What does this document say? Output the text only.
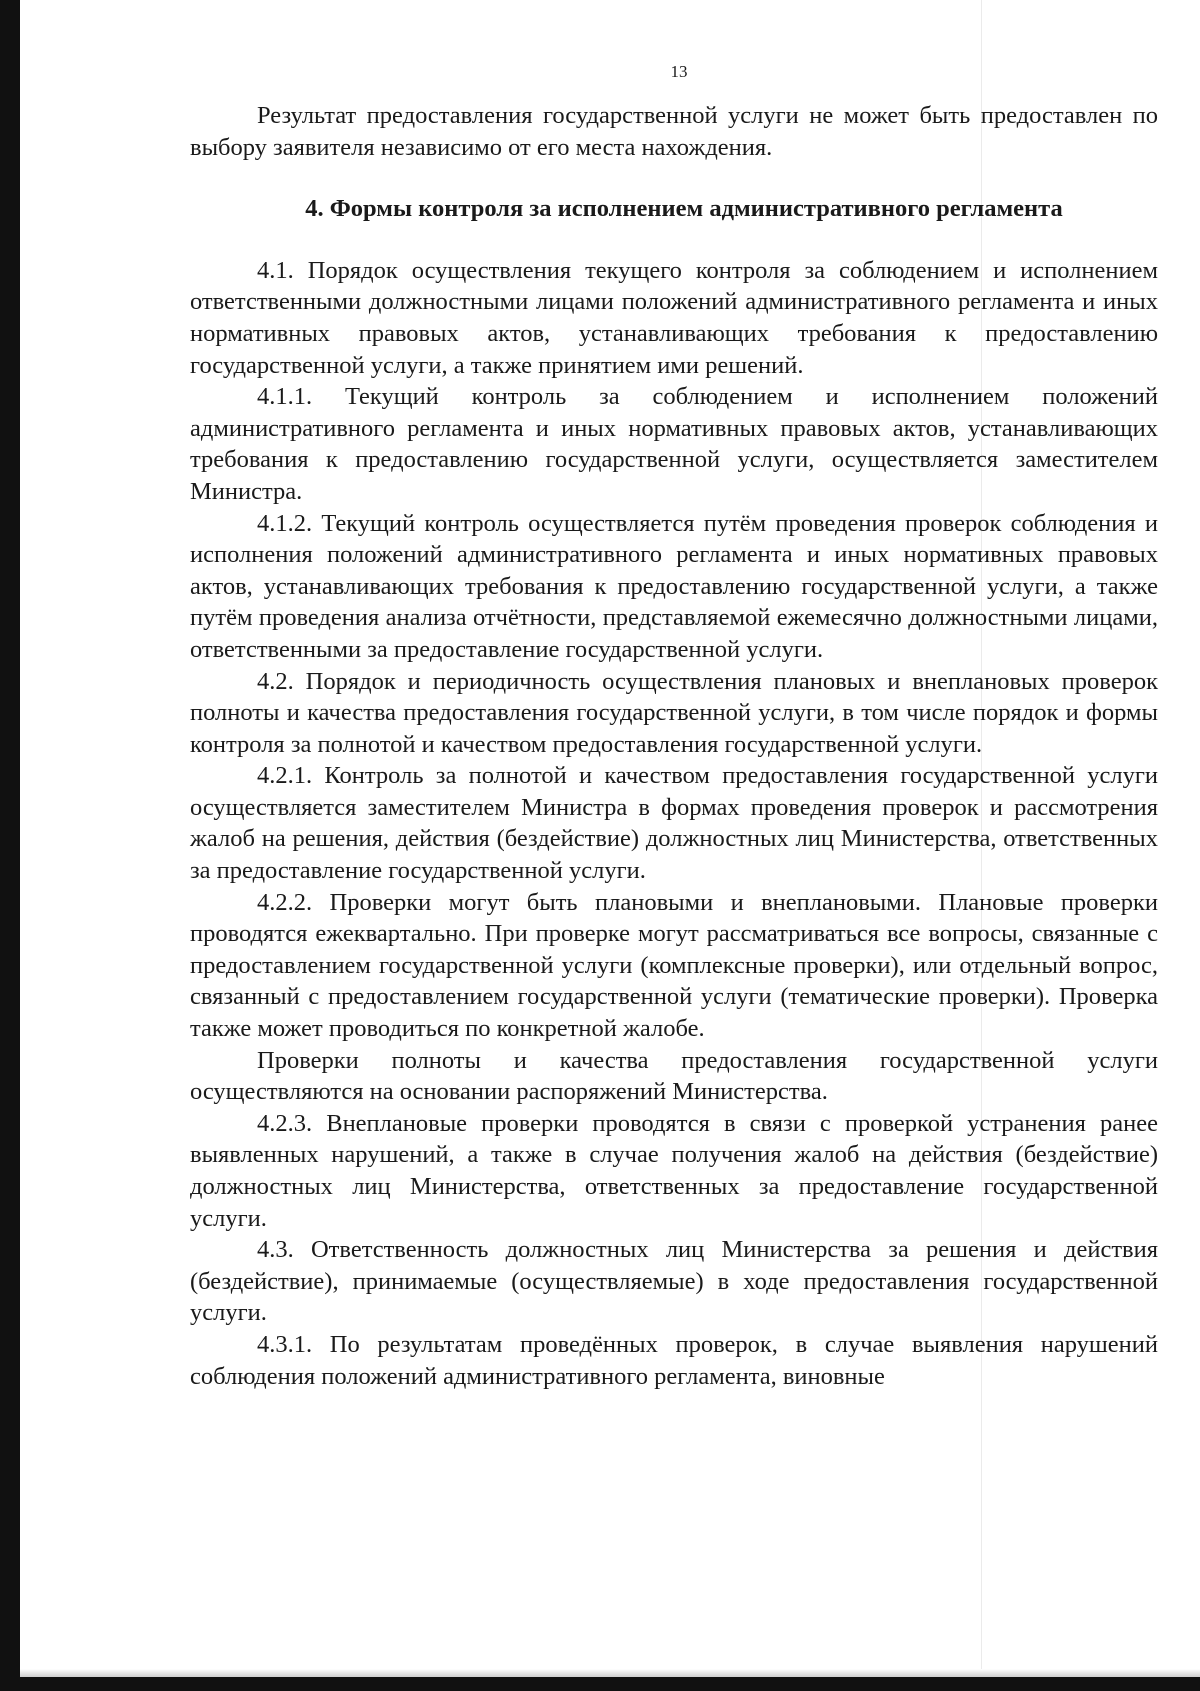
13

Результат предоставления государственной услуги не может быть предоставлен по выбору заявителя независимо от его места нахождения.

4. Формы контроля за исполнением административного регламента

4.1. Порядок осуществления текущего контроля за соблюдением и исполнением ответственными должностными лицами положений административного регламента и иных нормативных правовых актов, устанавливающих требования к предоставлению государственной услуги, а также принятием ими решений.

4.1.1. Текущий контроль за соблюдением и исполнением положений административного регламента и иных нормативных правовых актов, устанавливающих требования к предоставлению государственной услуги, осуществляется заместителем Министра.

4.1.2. Текущий контроль осуществляется путём проведения проверок соблюдения и исполнения положений административного регламента и иных нормативных правовых актов, устанавливающих требования к предоставлению государственной услуги, а также путём проведения анализа отчётности, представляемой ежемесячно должностными лицами, ответственными за предоставление государственной услуги.

4.2. Порядок и периодичность осуществления плановых и внеплановых проверок полноты и качества предоставления государственной услуги, в том числе порядок и формы контроля за полнотой и качеством предоставления государственной услуги.

4.2.1. Контроль за полнотой и качеством предоставления государственной услуги осуществляется заместителем Министра в формах проведения проверок и рассмотрения жалоб на решения, действия (бездействие) должностных лиц Министерства, ответственных за предоставление государственной услуги.

4.2.2. Проверки могут быть плановыми и внеплановыми. Плановые проверки проводятся ежеквартально. При проверке могут рассматриваться все вопросы, связанные с предоставлением государственной услуги (комплексные проверки), или отдельный вопрос, связанный с предоставлением государственной услуги (тематические проверки). Проверка также может проводиться по конкретной жалобе.

Проверки полноты и качества предоставления государственной услуги осуществляются на основании распоряжений Министерства.

4.2.3. Внеплановые проверки проводятся в связи с проверкой устранения ранее выявленных нарушений, а также в случае получения жалоб на действия (бездействие) должностных лиц Министерства, ответственных за предоставление государственной услуги.

4.3. Ответственность должностных лиц Министерства за решения и действия (бездействие), принимаемые (осуществляемые) в ходе предоставления государственной услуги.

4.3.1. По результатам проведённых проверок, в случае выявления нарушений соблюдения положений административного регламента, виновные
